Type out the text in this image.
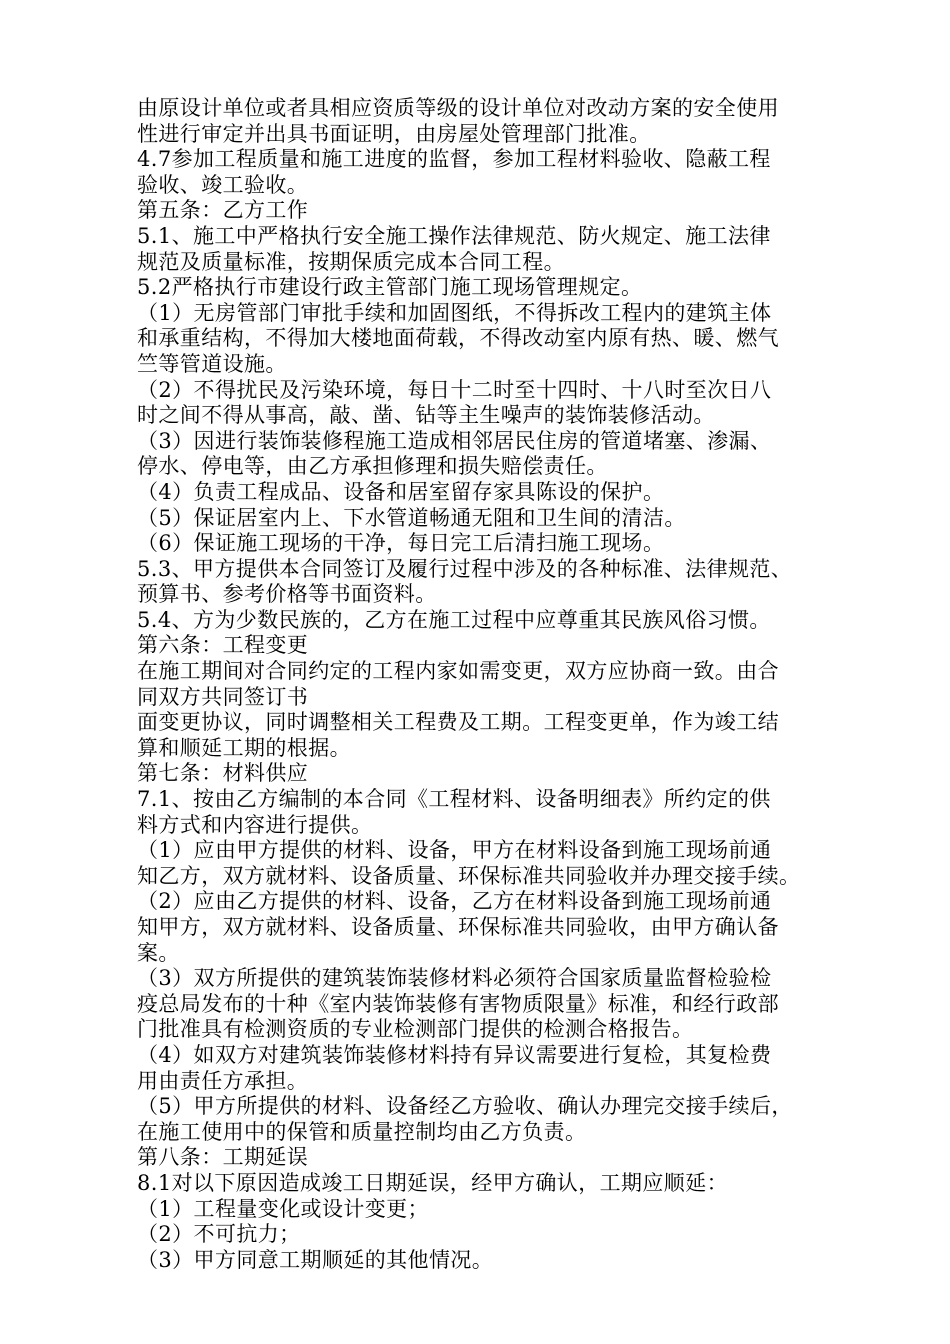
由原设计单位或者具相应资质等级的设计单位对改动方案的安全使用
性进行审定并出具书面证明，由房屋处管理部门批准。
4.7参加工程质量和施工进度的监督，参加工程材料验收、隐蔽工程
验收、竣工验收。
第五条：乙方工作
5.1、施工中严格执行安全施工操作法律规范、防火规定、施工法律
规范及质量标准，按期保质完成本合同工程。
5.2严格执行市建设行政主管部门施工现场管理规定。
（1）无房管部门审批手续和加固图纸，不得拆改工程内的建筑主体
和承重结构，不得加大楼地面荷载，不得改动室内原有热、暖、燃气
竺等管道设施。
（2）不得扰民及污染环境，每日十二时至十四时、十八时至次日八
时之间不得从事高，敲、凿、钻等主生噪声的装饰装修活动。
（3）因进行装饰装修程施工造成相邻居民住房的管道堵塞、渗漏、
停水、停电等，由乙方承担修理和损失赔偿责任。
（4）负责工程成品、设备和居室留存家具陈设的保护。
（5）保证居室内上、下水管道畅通无阻和卫生间的清洁。
（6）保证施工现场的干净，每日完工后清扫施工现场。
5.3、甲方提供本合同签订及履行过程中涉及的各种标准、法律规范、
预算书、参考价格等书面资料。
5.4、方为少数民族的，乙方在施工过程中应尊重其民族风俗习惯。
第六条：工程变更
在施工期间对合同约定的工程内家如需变更，双方应协商一致。由合
同双方共同签订书
面变更协议，同时调整相关工程费及工期。工程变更单，作为竣工结
算和顺延工期的根据。
第七条：材料供应
7.1、按由乙方编制的本合同《工程材料、设备明细表》所约定的供
料方式和内容进行提供。
（1）应由甲方提供的材料、设备，甲方在材料设备到施工现场前通
知乙方，双方就材料、设备质量、环保标准共同验收并办理交接手续。
（2）应由乙方提供的材料、设备，乙方在材料设备到施工现场前通
知甲方，双方就材料、设备质量、环保标准共同验收，由甲方确认备
案。
（3）双方所提供的建筑装饰装修材料必须符合国家质量监督检验检
疫总局发布的十种《室内装饰装修有害物质限量》标准，和经行政部
门批准具有检测资质的专业检测部门提供的检测合格报告。
（4）如双方对建筑装饰装修材料持有异议需要进行复检，其复检费
用由责任方承担。
（5）甲方所提供的材料、设备经乙方验收、确认办理完交接手续后，
在施工使用中的保管和质量控制均由乙方负责。
第八条：工期延误
8.1对以下原因造成竣工日期延误，经甲方确认，工期应顺延：
（1）工程量变化或设计变更；
（2）不可抗力；
（3）甲方同意工期顺延的其他情况。
